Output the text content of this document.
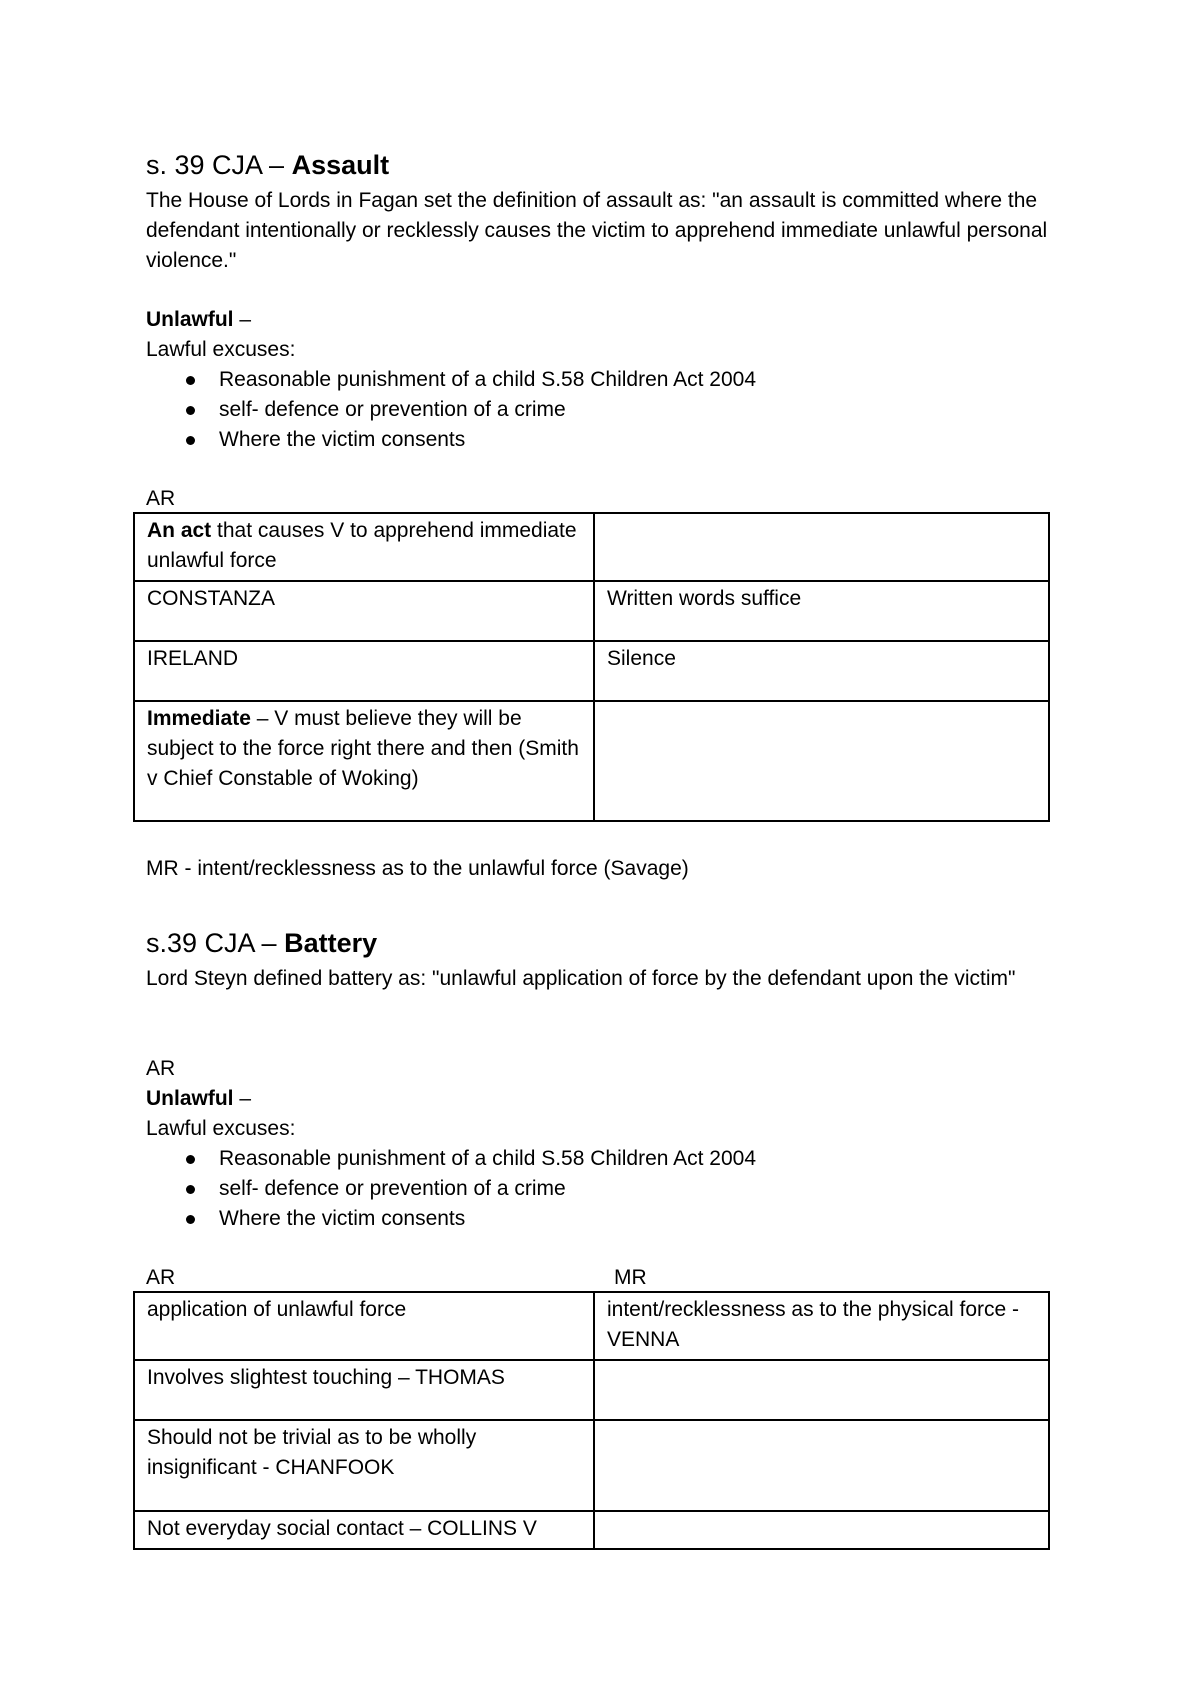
s. 39 CJA – Assault

The House of Lords in Fagan set the definition of assault as: "an assault is committed where the defendant intentionally or recklessly causes the victim to apprehend immediate unlawful personal violence."

Unlawful –

Lawful excuses:

Reasonable punishment of a child S.58 Children Act 2004
self- defence or prevention of a crime
Where the victim consents

AR

An act that causes V to apprehend immediate unlawful force	
CONSTANZA	Written words suffice
IRELAND	Silence
Immediate – V must believe they will be subject to the force right there and then (Smith v Chief Constable of Woking)	

MR - intent/recklessness as to the unlawful force (Savage)

s.39 CJA – Battery

Lord Steyn defined battery as: "unlawful application of force by the defendant upon the victim"

AR

Unlawful –

Lawful excuses:

Reasonable punishment of a child S.58 Children Act 2004
self- defence or prevention of a crime
Where the victim consents

AR	MR

application of unlawful force	intent/recklessness as to the physical force - VENNA
Involves slightest touching – THOMAS	
Should not be trivial as to be wholly insignificant - CHANFOOK	
Not everyday social contact – COLLINS V	
